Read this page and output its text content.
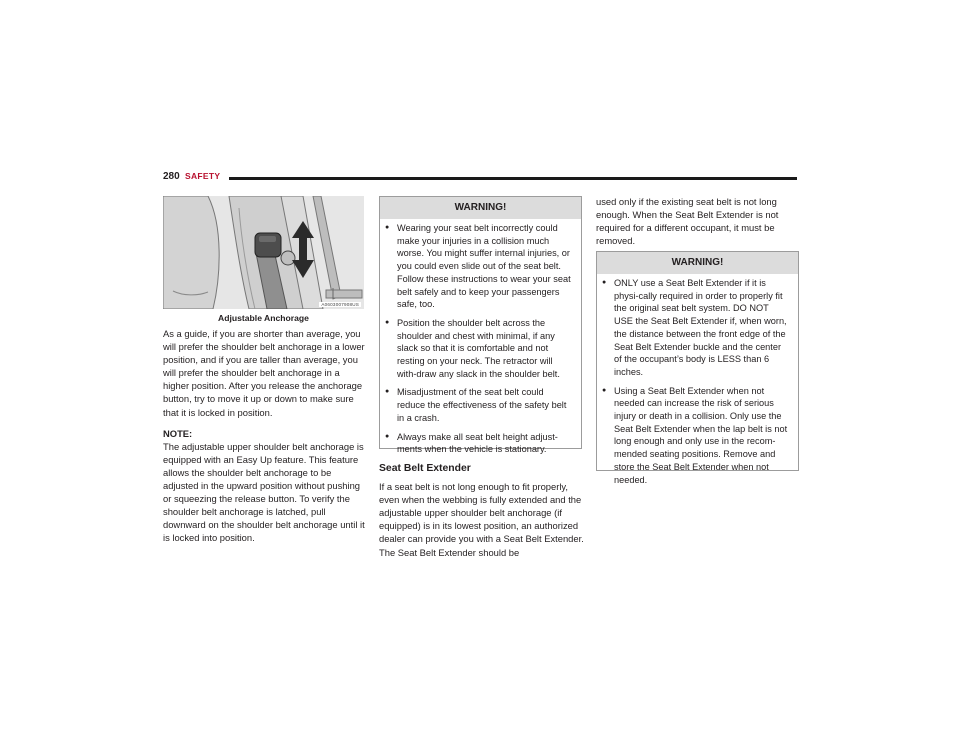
280 SAFETY
A0603007908US
Adjustable Anchorage

As a guide, if you are shorter than average, you will prefer the shoulder belt anchorage in a lower position, and if you are taller than average, you will prefer the shoulder belt anchorage in a higher position. After you release the anchorage button, try to move it up or down to make sure that it is locked in position.

NOTE:
The adjustable upper shoulder belt anchorage is equipped with an Easy Up feature. This feature allows the shoulder belt anchorage to be adjusted in the upward position without pushing or squeezing the release button. To verify the shoulder belt anchorage is latched, pull downward on the shoulder belt anchorage until it is locked into position.
WARNING!
● Wearing your seat belt incorrectly could make your injuries in a collision much worse. You might suffer internal injuries, or you could even slide out of the seat belt. Follow these instructions to wear your seat belt safely and to keep your passengers safe, too.
● Position the shoulder belt across the shoulder and chest with minimal, if any slack so that it is comfortable and not resting on your neck. The retractor will with-draw any slack in the shoulder belt.
● Misadjustment of the seat belt could reduce the effectiveness of the safety belt in a crash.
● Always make all seat belt height adjust-ments when the vehicle is stationary.
Seat Belt Extender

If a seat belt is not long enough to fit properly, even when the webbing is fully extended and the adjustable upper shoulder belt anchorage (if equipped) is in its lowest position, an authorized dealer can provide you with a Seat Belt Extender. The Seat Belt Extender should be

used only if the existing seat belt is not long enough. When the Seat Belt Extender is not required for a different occupant, it must be removed.

WARNING!
● ONLY use a Seat Belt Extender if it is physi-cally required in order to properly fit the original seat belt system. DO NOT USE the Seat Belt Extender if, when worn, the distance between the front edge of the Seat Belt Extender buckle and the center of the occupant’s body is LESS than 6 inches.
● Using a Seat Belt Extender when not needed can increase the risk of serious injury or death in a collision. Only use the Seat Belt Extender when the lap belt is not long enough and only use in the recom-mended seating positions. Remove and store the Seat Belt Extender when not needed.
